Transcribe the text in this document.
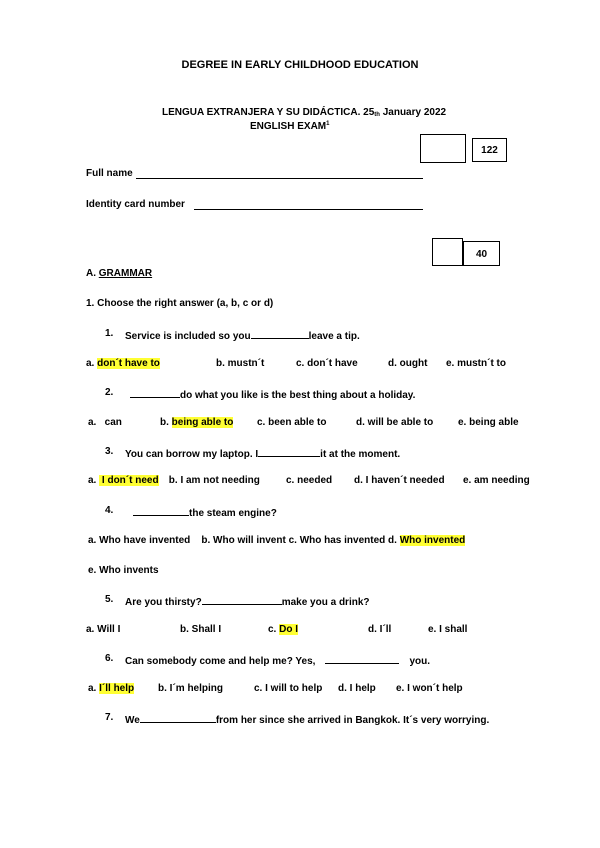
DEGREE IN EARLY CHILDHOOD EDUCATION
LENGUA EXTRANJERA Y SU DIDÁCTICA. $25_{th}$ January 2022
ENGLISH EXAM$^1$
122
Full name
Identity card number
40
A. GRAMMAR
1. Choose the right answer (a, b, c or d)
1. Service is included so you	leave a tip.
a. don´t have to	b. mustn´t	c. don´t have	d. ought e. mustn´t to
2.	do what you like is the best thing about a holiday.
a.   can	b. being able to c. been able to	d. will be able to e. being able
3. You can borrow my laptop. I	it at the moment.
a.  I don´t need b. I am not needing	c. needed d. I haven´t needed e. am needing
4.	the steam engine?
a. Who have invented    b. Who will invent c. Who has invented d. Who invented
e. Who invents
5. Are you thirsty?	make you a drink?
a. Will I	b. Shall I	c. Do I	d. I´ll	e. I shall
6. Can somebody come and help me? Yes,	you.
a. I´ll help b. I´m helping	c. I will to help d. I help e. I won´t help
7. We	from her since she arrived in Bangkok. It´s very worrying.
